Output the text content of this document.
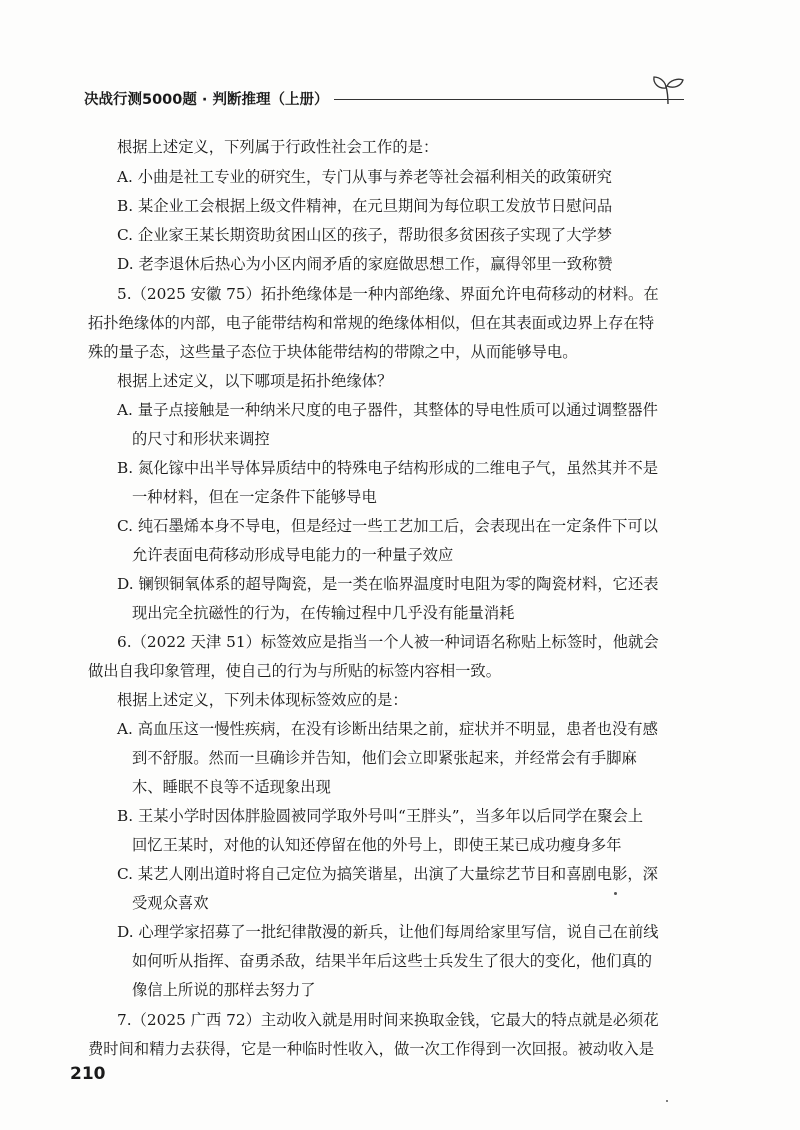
决战行测5000题 · 判断推理（上册）
根据上述定义，下列属于行政性社会工作的是：
A. 小曲是社工专业的研究生，专门从事与养老等社会福利相关的政策研究
B. 某企业工会根据上级文件精神，在元旦期间为每位职工发放节日慰问品
C. 企业家王某长期资助贫困山区的孩子，帮助很多贫困孩子实现了大学梦
D. 老李退休后热心为小区内闹矛盾的家庭做思想工作，赢得邻里一致称赞
5.（2025 安徽 75）拓扑绝缘体是一种内部绝缘、界面允许电荷移动的材料。在
拓扑绝缘体的内部，电子能带结构和常规的绝缘体相似，但在其表面或边界上存在特
殊的量子态，这些量子态位于块体能带结构的带隙之中，从而能够导电。
根据上述定义，以下哪项是拓扑绝缘体？
A. 量子点接触是一种纳米尺度的电子器件，其整体的导电性质可以通过调整器件
的尺寸和形状来调控
B. 氮化镓中出半导体异质结中的特殊电子结构形成的二维电子气，虽然其并不是
一种材料，但在一定条件下能够导电
C. 纯石墨烯本身不导电，但是经过一些工艺加工后，会表现出在一定条件下可以
允许表面电荷移动形成导电能力的一种量子效应
D. 镧钡铜氧体系的超导陶瓷，是一类在临界温度时电阻为零的陶瓷材料，它还表
现出完全抗磁性的行为，在传输过程中几乎没有能量消耗
6.（2022 天津 51）标签效应是指当一个人被一种词语名称贴上标签时，他就会
做出自我印象管理，使自己的行为与所贴的标签内容相一致。
根据上述定义，下列未体现标签效应的是：
A. 高血压这一慢性疾病，在没有诊断出结果之前，症状并不明显，患者也没有感
到不舒服。然而一旦确诊并告知，他们会立即紧张起来，并经常会有手脚麻
木、睡眠不良等不适现象出现
B. 王某小学时因体胖脸圆被同学取外号叫“王胖头”，当多年以后同学在聚会上
回忆王某时，对他的认知还停留在他的外号上，即使王某已成功瘦身多年
C. 某艺人刚出道时将自己定位为搞笑谐星，出演了大量综艺节目和喜剧电影，深
受观众喜欢
D. 心理学家招募了一批纪律散漫的新兵，让他们每周给家里写信，说自己在前线
如何听从指挥、奋勇杀敌，结果半年后这些士兵发生了很大的变化，他们真的
像信上所说的那样去努力了
7.（2025 广西 72）主动收入就是用时间来换取金钱，它最大的特点就是必须花
费时间和精力去获得，它是一种临时性收入，做一次工作得到一次回报。被动收入是
210
